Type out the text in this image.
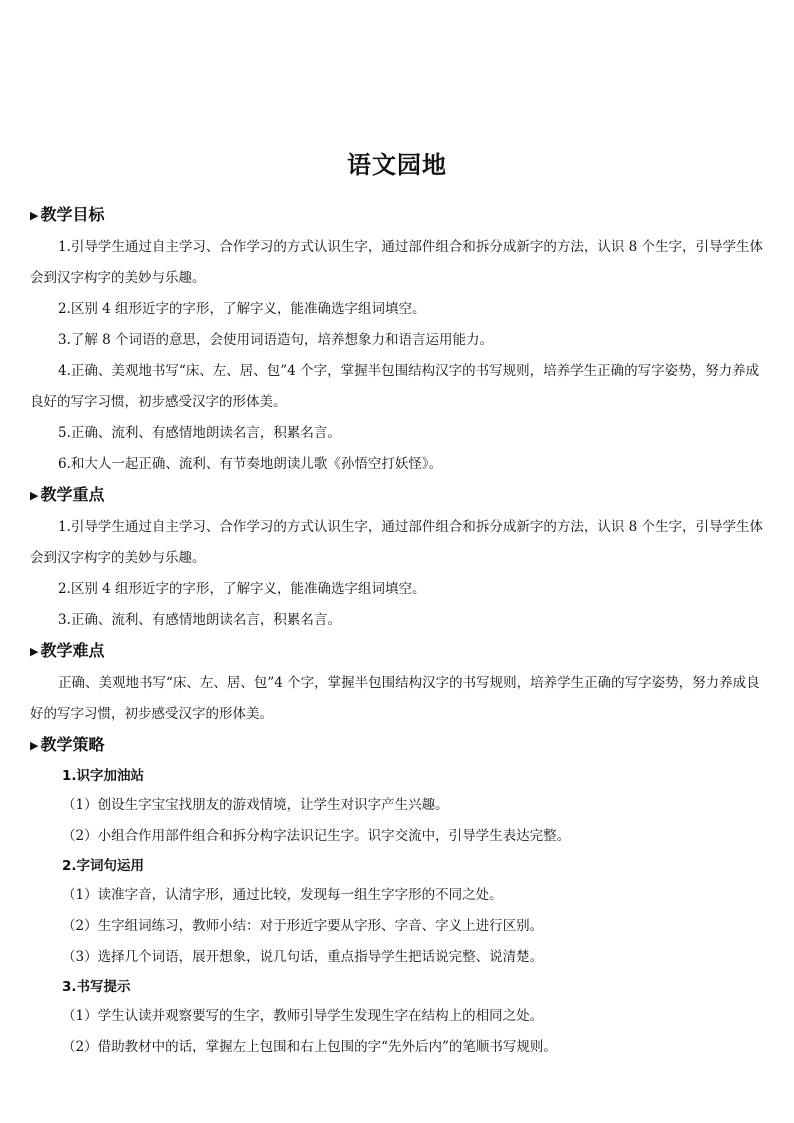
语文园地
▶ 教学目标

1.引导学生通过自主学习、合作学习的方式认识生字，通过部件组合和拆分成新字的方法，认识 8 个生字，引导学生体会到汉字构字的美妙与乐趣。

2.区别 4 组形近字的字形，了解字义，能准确选字组词填空。

3.了解 8 个词语的意思，会使用词语造句，培养想象力和语言运用能力。

4.正确、美观地书写“床、左、居、包”4 个字，掌握半包围结构汉字的书写规则，培养学生正确的写字姿势，努力养成良好的写字习惯，初步感受汉字的形体美。

5.正确、流利、有感情地朗读名言，积累名言。

6.和大人一起正确、流利、有节奏地朗读儿歌《孙悟空打妖怪》。

▶ 教学重点

1.引导学生通过自主学习、合作学习的方式认识生字，通过部件组合和拆分成新字的方法，认识 8 个生字，引导学生体会到汉字构字的美妙与乐趣。

2.区别 4 组形近字的字形，了解字义，能准确选字组词填空。

3.正确、流利、有感情地朗读名言，积累名言。

▶ 教学难点

正确、美观地书写“床、左、居、包”4 个字，掌握半包围结构汉字的书写规则，培养学生正确的写字姿势，努力养成良好的写字习惯，初步感受汉字的形体美。

▶ 教学策略
1.识字加油站
（1）创设生字宝宝找朋友的游戏情境，让学生对识字产生兴趣。
（2）小组合作用部件组合和拆分构字法识记生字。识字交流中，引导学生表达完整。
2.字词句运用
（1）读准字音，认清字形，通过比较，发现每一组生字字形的不同之处。
（2）生字组词练习，教师小结：对于形近字要从字形、字音、字义上进行区别。
（3）选择几个词语，展开想象，说几句话，重点指导学生把话说完整、说清楚。
3.书写提示
（1）学生认读并观察要写的生字，教师引导学生发现生字在结构上的相同之处。
（2）借助教材中的话，掌握左上包围和右上包围的字“先外后内”的笔顺书写规则。
